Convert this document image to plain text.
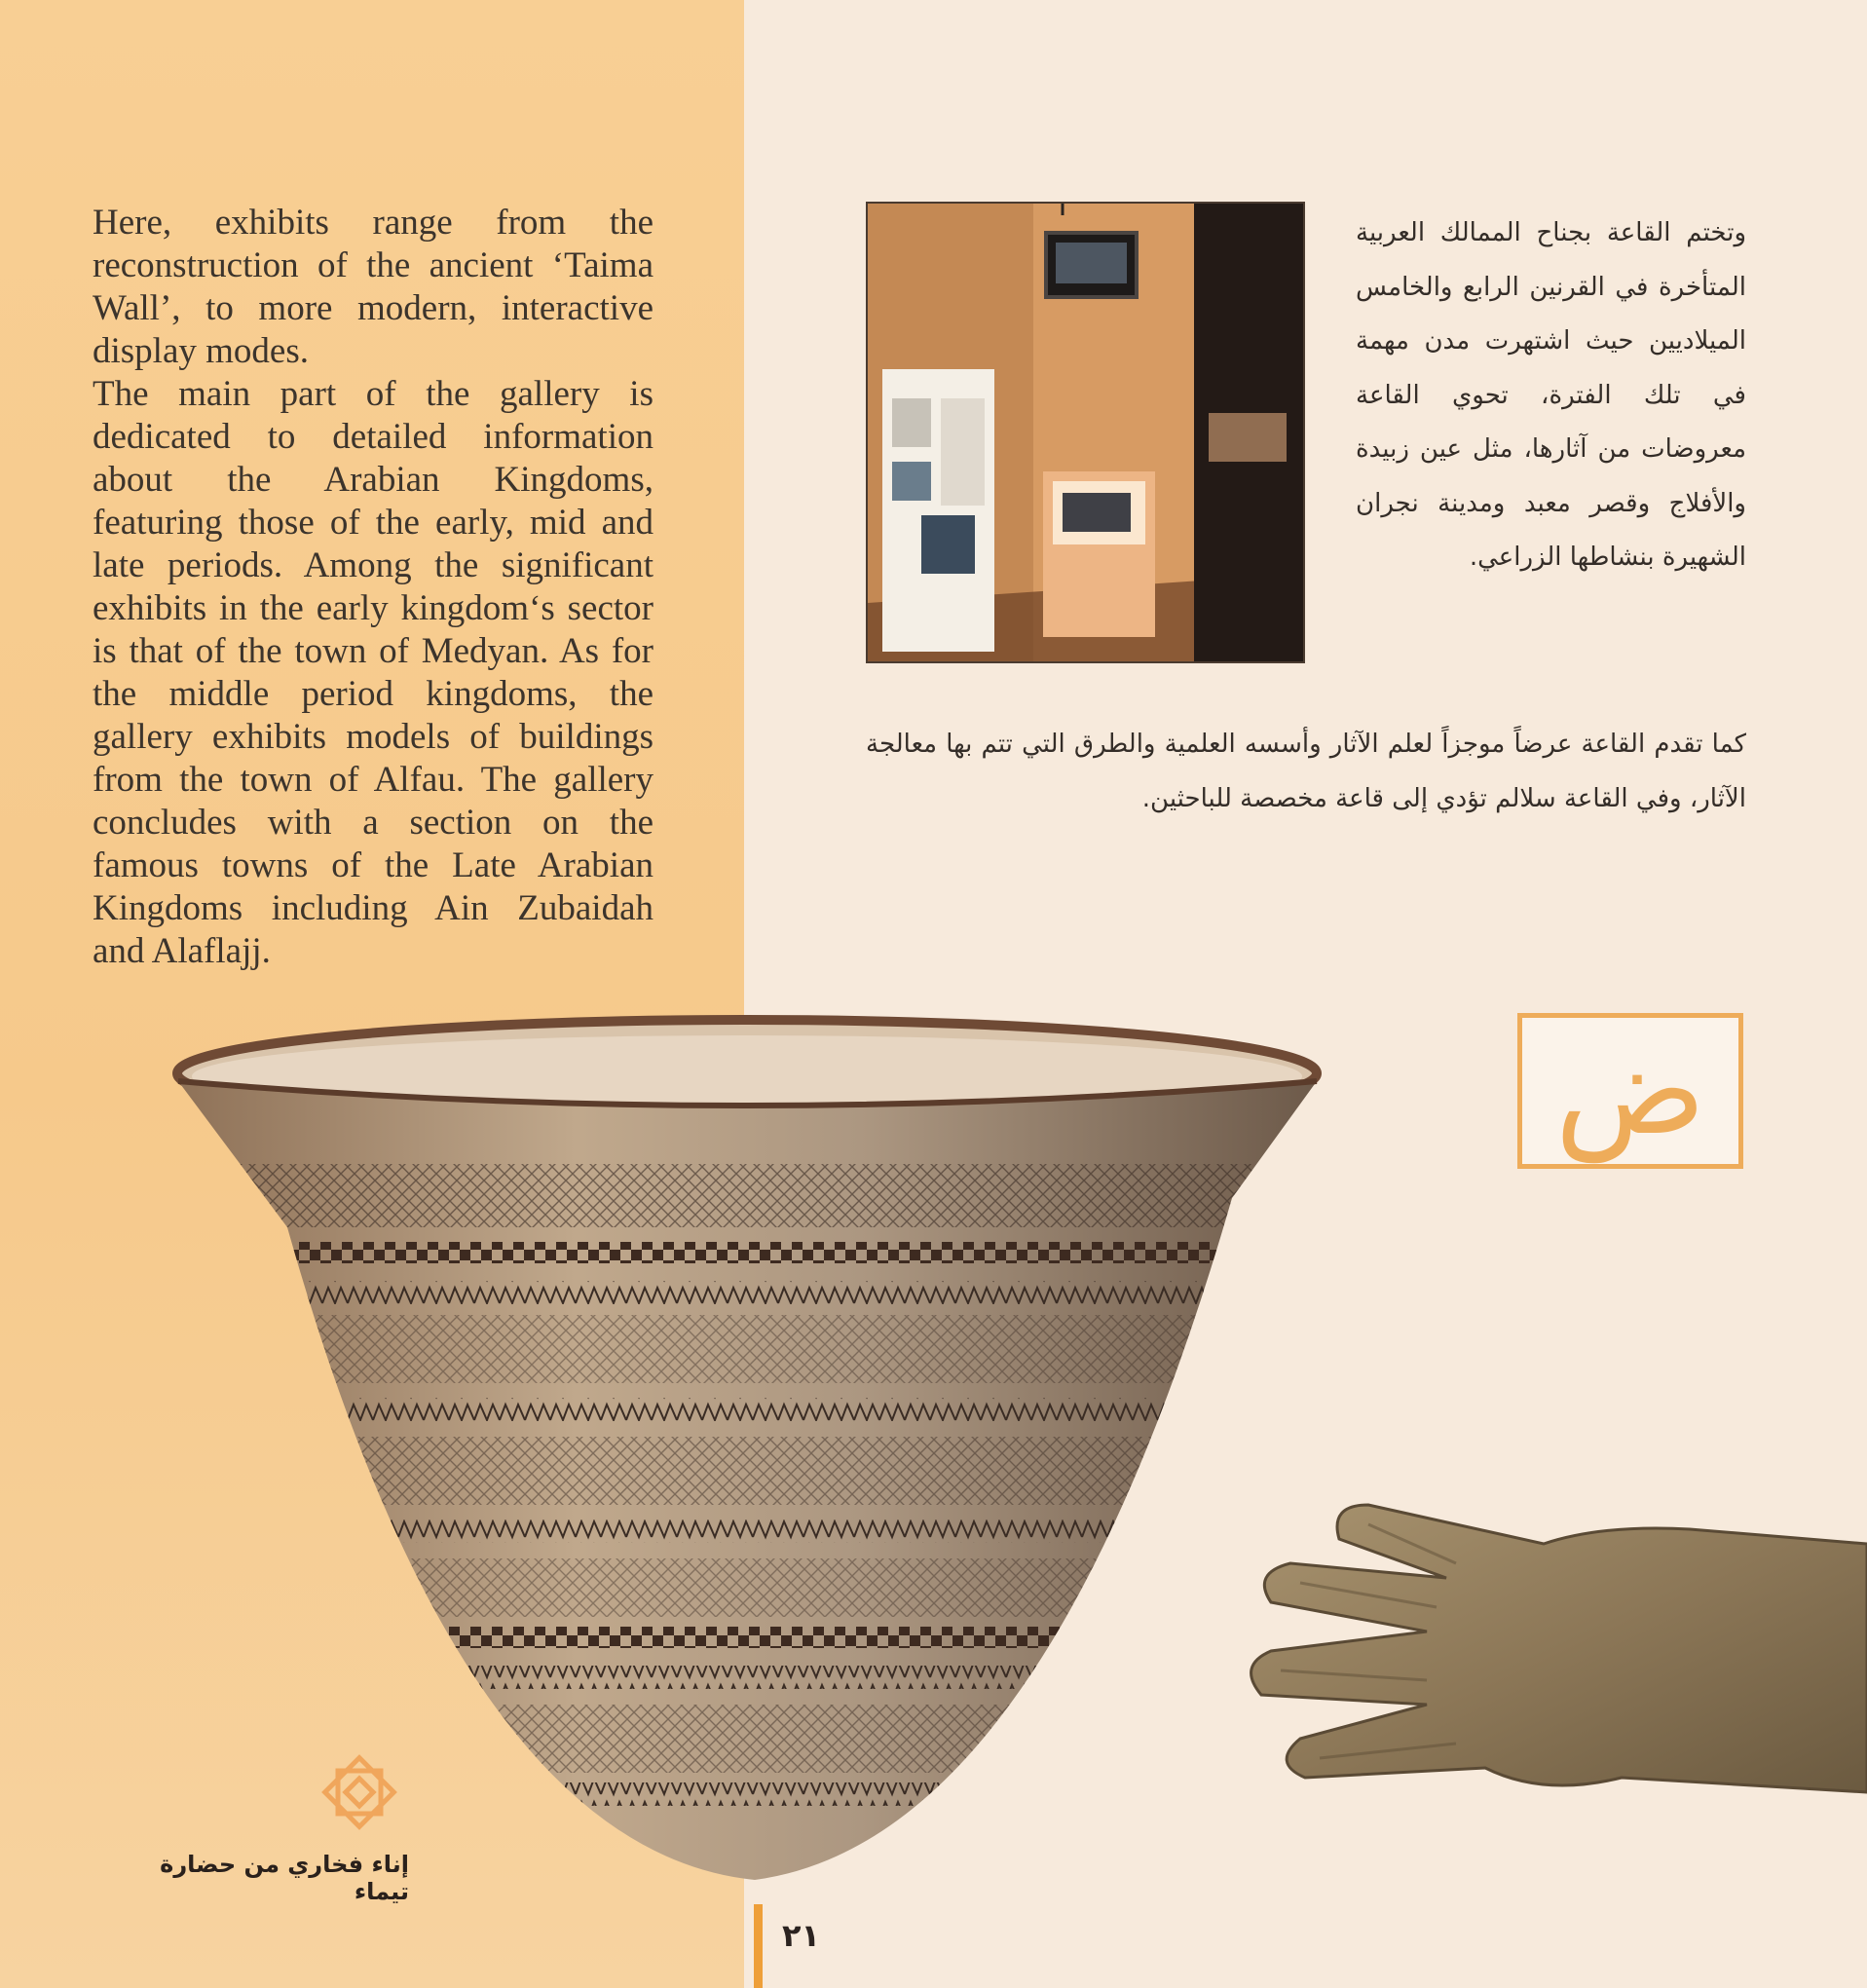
Here, exhibits range from the reconstruction of the ancient ‘Taima Wall’, to more modern, interactive display modes.

The main part of the gallery is dedicated to detailed information about the Arabian Kingdoms, featuring those of the early, mid and late periods. Among the significant exhibits in the early kingdom‘s sector is that of the town of Medyan. As for the middle period kingdoms, the gallery exhibits models of buildings from the town of Alfau. The gallery concludes with a section on the famous towns of the Late Arabian Kingdoms including Ain Zubaidah and Alaflajj.

وتختم القاعة بجناح الممالك العربية المتأخرة في القرنين الرابع والخامس الميلاديين حيث اشتهرت مدن مهمة في تلك الفترة، تحوي القاعة معروضات من آثارها، مثل عين زبيدة والأفلاج وقصر معبد ومدينة نجران الشهيرة بنشاطها الزراعي.

كما تقدم القاعة عرضاً موجزاً لعلم الآثار وأسسه العلمية والطرق التي تتم بها معالجة الآثار، وفي القاعة سلالم تؤدي إلى قاعة مخصصة للباحثين.

ض
إناء فخاري من حضارة تيماء
٢١
